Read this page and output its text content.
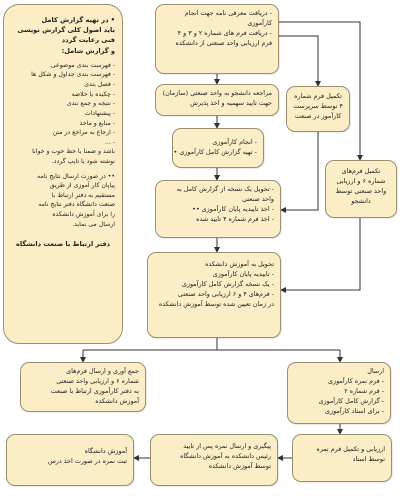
• در تهیه گزارش کامل
باید اصول کلی گزارش نویسی
فنی رعایت گردد
و گزارش شامل:
- فهرست بندی موضوعی
- فهرست بندی جداول و شکل ها
- فصل بندی
- چکیده یا خلاصه
- نتیجه و جمع بندی
- پیشنهادات
- منابع و ماخذ
- ارجاع به مراجع در متن
- ...
باشد و ضمنا با خط خوب و خوانا
نوشته شود یا تایپ گردد.
•• در صورت ارسال نتایج نامه
پیاپان کار آموزی از طریق
مستقیم به دفتر ارتباط با
صنعت دانشگاه دفتر نتایج نامه
را برای آموزش دانشکده
ارسال می نماید.
دفتر ارتباط با صنعت دانشگاه
- دریافت معرفی نامه جهت انجام
کارآموزی
- دریافت فرم های شماره ۲ و ۳ و ۴
فرم ارزیابی واحد صنعتی از دانشکده
مراجعه دانشجو به واحد صنعتی (سازمان)
جهت تایید سهمیه و اخذ پذیرش
- انجام کارآموزی
- تهیه گزارش کامل کارآموزی •
- تحویل یک نسخه از گزارش کامل به
واحد صنعتی
- اخذ تاییدیه پایان کارآموزی ••
- اخذ فرم شماره ۴ تایید شده
تحویل به آموزش دانشکده
- تاییدیه پایان کارآموزی
- یک نسخه گزارش کامل کارآموزی
- فرم‌های ۴ و ۶ ارزیابی واحد صنعتی
در زمان تعیین شده توسط آموزش دانشکده
تکمیل فرم شماره
۴ توسط سرپرست
کارآموز در صنعت
تکمیل فرم‌های
شماره ۶ و ارزیابی
واحد صنعتی توسط
دانشجو
ارسال
- فرم نمره کارآموزی
- فرم شماره ۲
- گزارش کامل کارآموزی
- برای استاد کارآموزی
جمع آوری و ارسال فرم‌های
شماره ۶ و ارزیابی واحد صنعتی
به دفتر کارآموزی ارتباط با صنعت
آموزش دانشکده
ارزیابی و تکمیل فرم نمره
توسط استاد
پیگیری و ارسال نمره پس از تایید
رئیس دانشکده به آموزش دانشگاه
توسط آموزش دانشکده
آموزش دانشگاه
ثبت نمره در صورت اخذ درس
